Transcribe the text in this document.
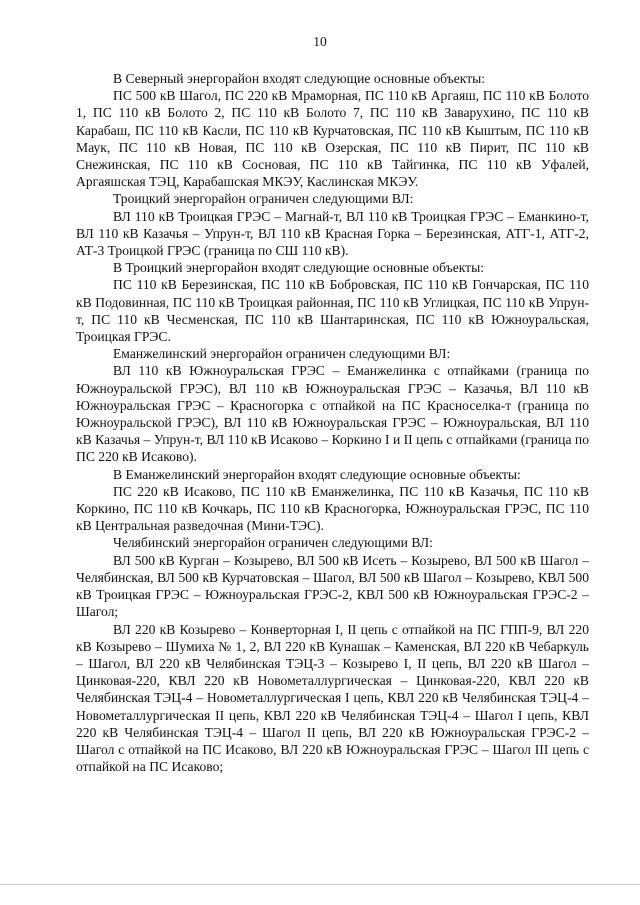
10

В Северный энергорайон входят следующие основные объекты:

ПС 500 кВ Шагол, ПС 220 кВ Мраморная, ПС 110 кВ Аргаяш, ПС 110 кВ Болото 1, ПС 110 кВ Болото 2, ПС 110 кВ Болото 7, ПС 110 кВ Заварухино, ПС 110 кВ Карабаш, ПС 110 кВ Касли, ПС 110 кВ Курчатовская, ПС 110 кВ Кыштым, ПС 110 кВ Маук, ПС 110 кВ Новая, ПС 110 кВ Озерская, ПС 110 кВ Пирит, ПС 110 кВ Снежинская, ПС 110 кВ Сосновая, ПС 110 кВ Тайгинка, ПС 110 кВ Уфалей, Аргаяшская ТЭЦ, Карабашская МКЭУ, Каслинская МКЭУ.

Троицкий энергорайон ограничен следующими ВЛ:

ВЛ 110 кВ Троицкая ГРЭС – Магнай-т, ВЛ 110 кВ Троицкая ГРЭС – Еманкино-т, ВЛ 110 кВ Казачья – Упрун-т, ВЛ 110 кВ Красная Горка – Березинская, АТГ-1, АТГ-2, АТ-3 Троицкой ГРЭС (граница по СШ 110 кВ).

В Троицкий энергорайон входят следующие основные объекты:

ПС 110 кВ Березинская, ПС 110 кВ Бобровская, ПС 110 кВ Гончарская, ПС 110 кВ Подовинная, ПС 110 кВ Троицкая районная, ПС 110 кВ Углицкая, ПС 110 кВ Упрун-т, ПС 110 кВ Чесменская, ПС 110 кВ Шантаринская, ПС 110 кВ Южноуральская, Троицкая ГРЭС.

Еманжелинский энергорайон ограничен следующими ВЛ:

ВЛ 110 кВ Южноуральская ГРЭС – Еманжелинка с отпайками (граница по Южноуральской ГРЭС), ВЛ 110 кВ Южноуральская ГРЭС – Казачья, ВЛ 110 кВ Южноуральская ГРЭС – Красногорка с отпайкой на ПС Красноселка-т (граница по Южноуральской ГРЭС), ВЛ 110 кВ Южноуральская ГРЭС – Южноуральская, ВЛ 110 кВ Казачья – Упрун-т, ВЛ 110 кВ Исаково – Коркино I и II цепь с отпайками (граница по ПС 220 кВ Исаково).

В Еманжелинский энергорайон входят следующие основные объекты:

ПС 220 кВ Исаково, ПС 110 кВ Еманжелинка, ПС 110 кВ Казачья, ПС 110 кВ Коркино, ПС 110 кВ Кочкарь, ПС 110 кВ Красногорка, Южноуральская ГРЭС, ПС 110 кВ Центральная разведочная (Мини-ТЭС).

Челябинский энергорайон ограничен следующими ВЛ:

ВЛ 500 кВ Курган – Козырево, ВЛ 500 кВ Исеть – Козырево, ВЛ 500 кВ Шагол – Челябинская, ВЛ 500 кВ Курчатовская – Шагол, ВЛ 500 кВ Шагол – Козырево, КВЛ 500 кВ Троицкая ГРЭС – Южноуральская ГРЭС-2, КВЛ 500 кВ Южноуральская ГРЭС-2 – Шагол;

ВЛ 220 кВ Козырево – Конверторная I, II цепь с отпайкой на ПС ГПП-9, ВЛ 220 кВ Козырево – Шумиха № 1, 2, ВЛ 220 кВ Кунашак – Каменская, ВЛ 220 кВ Чебаркуль – Шагол, ВЛ 220 кВ Челябинская ТЭЦ-3 – Козырево I, II цепь, ВЛ 220 кВ Шагол – Цинковая-220, КВЛ 220 кВ Новометаллургическая – Цинковая-220, КВЛ 220 кВ Челябинская ТЭЦ-4 – Новометаллургическая I цепь, КВЛ 220 кВ Челябинская ТЭЦ-4 – Новометаллургическая II цепь, КВЛ 220 кВ Челябинская ТЭЦ-4 – Шагол I цепь, КВЛ 220 кВ Челябинская ТЭЦ-4 – Шагол II цепь, ВЛ 220 кВ Южноуральская ГРЭС-2 – Шагол с отпайкой на ПС Исаково, ВЛ 220 кВ Южноуральская ГРЭС – Шагол III цепь с отпайкой на ПС Исаково;
